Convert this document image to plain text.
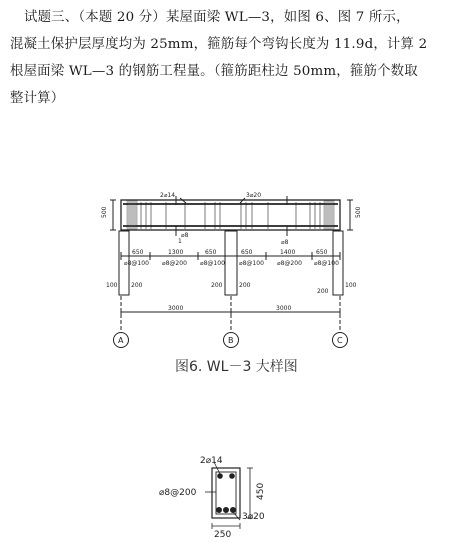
试题三、（本题 20 分）某屋面梁 WL—3，如图 6、图 7 所示，
混凝土保护层厚度均为 25mm，箍筋每个弯钩长度为 11.9d，计算 2
根屋面梁 WL—3 的钢筋工程量。（箍筋距柱边 50mm，箍筋个数取
整计算）
2⌀14	3⌀20
500	500
⌀8
⌀8
1
650	1300	650	650	1400	650
⌀8@100 ⌀8@200 ⌀8@100 ⌀8@100 ⌀8@200 ⌀8@100
100 200	200	200
200
100
3000	3000
A	B	C
图6. WL－3 大样图
2⌀14
⌀8@200	450
3⌀20
250
